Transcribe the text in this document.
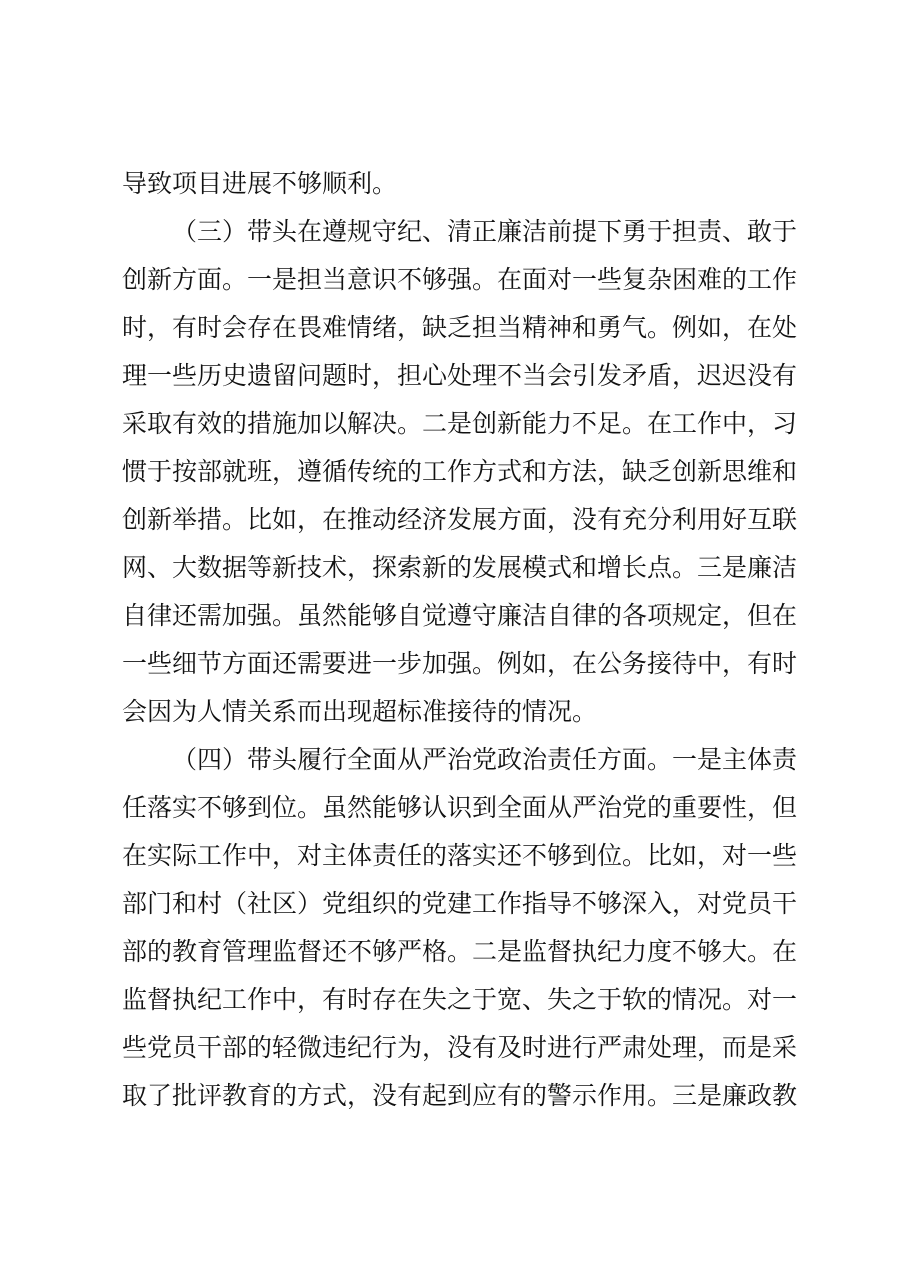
导致项目进展不够顺利。
（三）带头在遵规守纪、清正廉洁前提下勇于担责、敢于
创新方面。一是担当意识不够强。在面对一些复杂困难的工作
时，有时会存在畏难情绪，缺乏担当精神和勇气。例如，在处
理一些历史遗留问题时，担心处理不当会引发矛盾，迟迟没有
采取有效的措施加以解决。二是创新能力不足。在工作中，习
惯于按部就班，遵循传统的工作方式和方法，缺乏创新思维和
创新举措。比如，在推动经济发展方面，没有充分利用好互联
网、大数据等新技术，探索新的发展模式和增长点。三是廉洁
自律还需加强。虽然能够自觉遵守廉洁自律的各项规定，但在
一些细节方面还需要进一步加强。例如，在公务接待中，有时
会因为人情关系而出现超标准接待的情况。
（四）带头履行全面从严治党政治责任方面。一是主体责
任落实不够到位。虽然能够认识到全面从严治党的重要性，但
在实际工作中，对主体责任的落实还不够到位。比如，对一些
部门和村（社区）党组织的党建工作指导不够深入，对党员干
部的教育管理监督还不够严格。二是监督执纪力度不够大。在
监督执纪工作中，有时存在失之于宽、失之于软的情况。对一
些党员干部的轻微违纪行为，没有及时进行严肃处理，而是采
取了批评教育的方式，没有起到应有的警示作用。三是廉政教
